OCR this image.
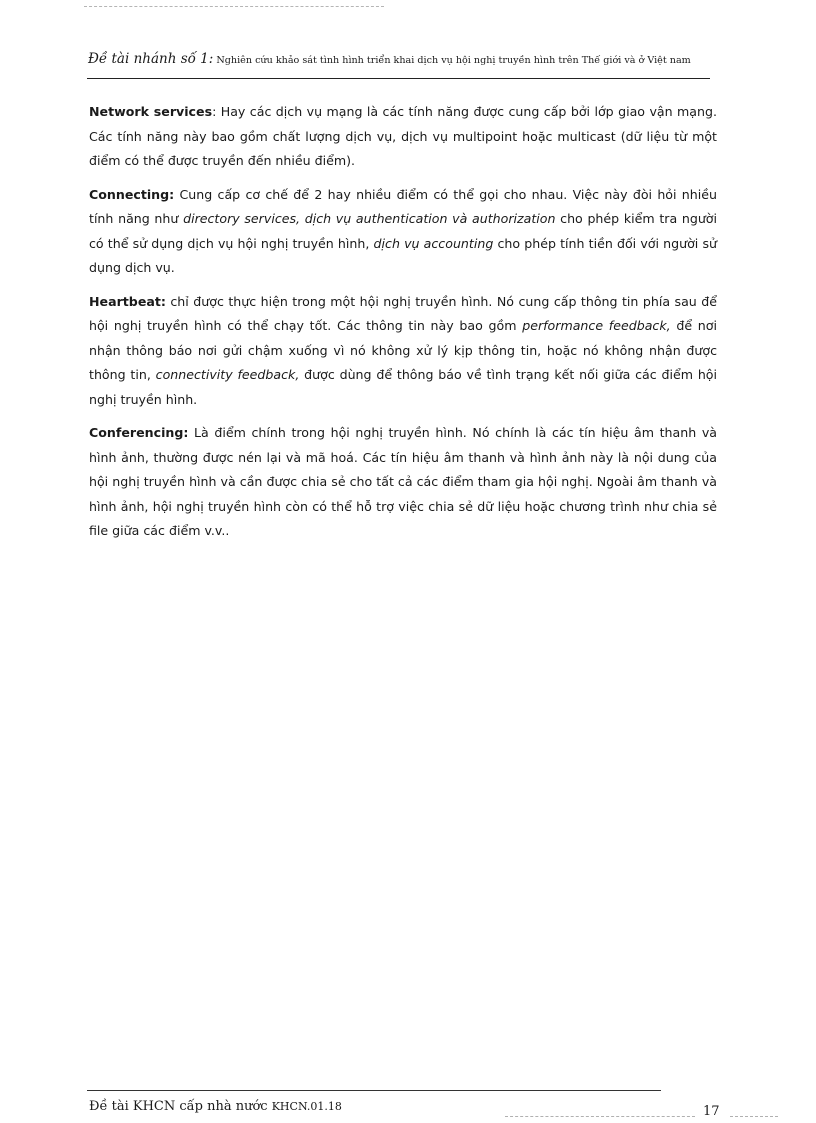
Đề tài nhánh số 1: Nghiên cứu khảo sát tình hình triển khai dịch vụ hội nghị truyền hình trên Thế giới và ở Việt nam

Network services: Hay các dịch vụ mạng là các tính năng được cung cấp bởi lớp giao vận mạng. Các tính năng này bao gồm chất lượng dịch vụ, dịch vụ multipoint hoặc multicast (dữ liệu từ một điểm có thể được truyền đến nhiều điểm).

Connecting: Cung cấp cơ chế để 2 hay nhiều điểm có thể gọi cho nhau. Việc này đòi hỏi nhiều tính năng như directory services, dịch vụ authentication và authorization cho phép kiểm tra người có thể sử dụng dịch vụ hội nghị truyền hình, dịch vụ accounting cho phép tính tiền đối với người sử dụng dịch vụ.

Heartbeat: chỉ được thực hiện trong một hội nghị truyền hình. Nó cung cấp thông tin phía sau để hội nghị truyền hình có thể chạy tốt. Các thông tin này bao gồm performance feedback, để nơi nhận thông báo nơi gửi chậm xuống vì nó không xử lý kịp thông tin, hoặc nó không nhận được thông tin, connectivity feedback, được dùng để thông báo về tình trạng kết nối giữa các điểm hội nghị truyền hình.

Conferencing: Là điểm chính trong hội nghị truyền hình. Nó chính là các tín hiệu âm thanh và hình ảnh, thường được nén lại và mã hoá. Các tín hiệu âm thanh và hình ảnh này là nội dung của hội nghị truyền hình và cần được chia sẻ cho tất cả các điểm tham gia hội nghị. Ngoài âm thanh và hình ảnh, hội nghị truyền hình còn có thể hỗ trợ việc chia sẻ dữ liệu hoặc chương trình như chia sẻ file giữa các điểm v.v..

Đề tài KHCN cấp nhà nước KHCN.01.18	17
